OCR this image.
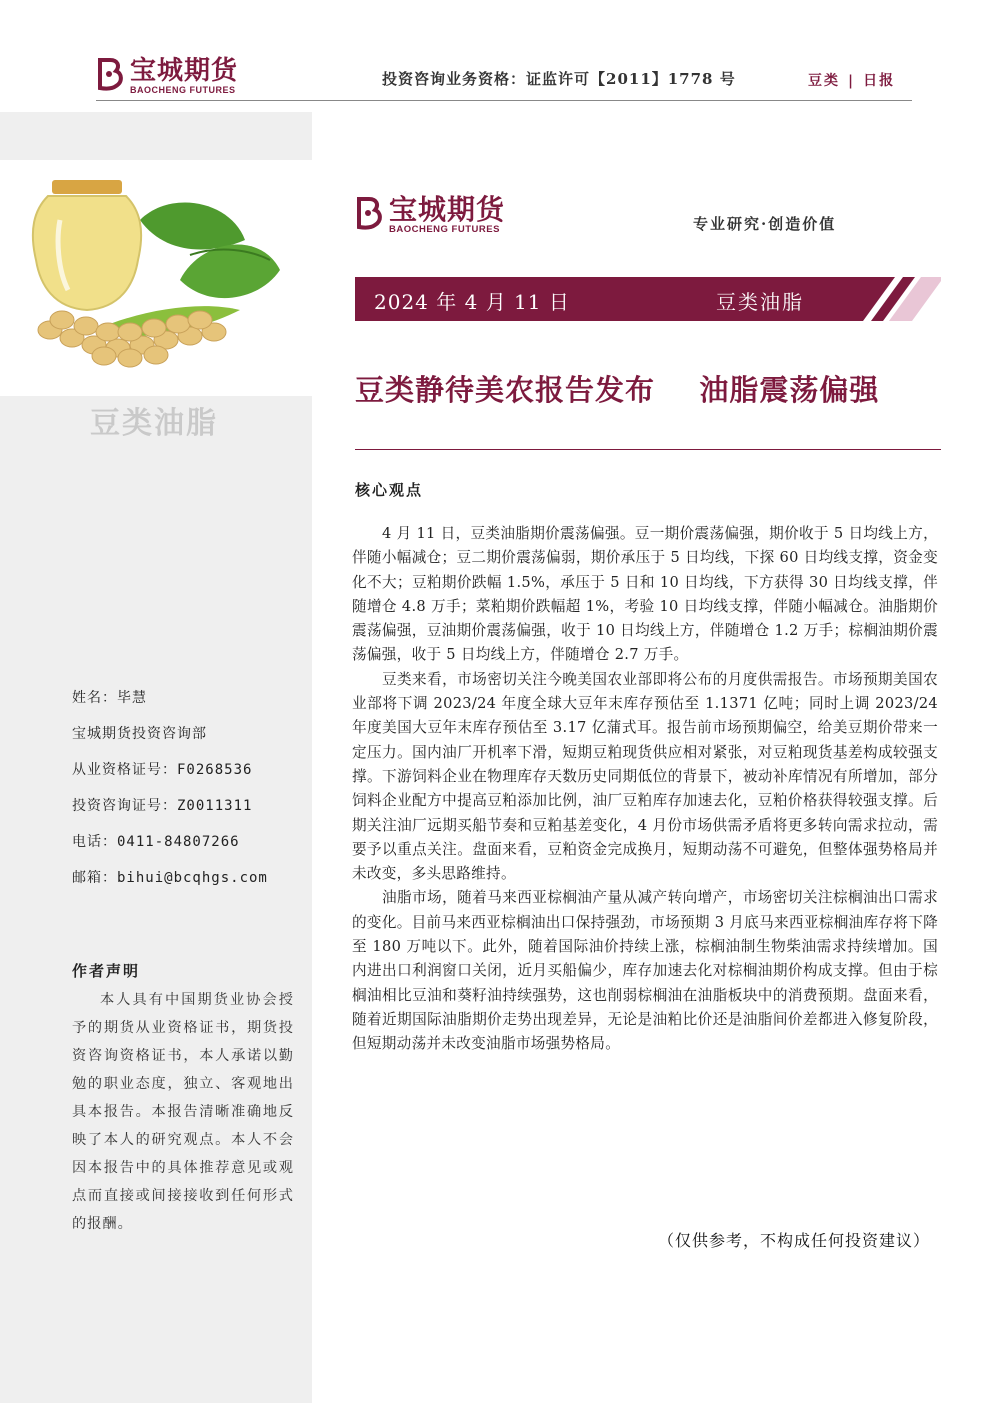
宝城期货
BAOCHENG FUTURES
投资咨询业务资格：证监许可【2011】1778 号	豆类 | 日报
豆类油脂
姓名：毕慧
宝城期货投资咨询部
从业资格证号：F0268536
投资咨询证号：Z0011311
电话：0411-84807266
邮箱：bihui@bcqhgs.com
作者声明
本人具有中国期货业协会授予的期货从业资格证书，期货投资咨询资格证书，本人承诺以勤勉的职业态度，独立、客观地出具本报告。本报告清晰准确地反映了本人的研究观点。本人不会因本报告中的具体推荐意见或观点而直接或间接接收到任何形式的报酬。
宝城期货
BAOCHENG FUTURES	专业研究·创造价值
2024 年 4 月 11 日	豆类油脂
豆类静待美农报告发布    油脂震荡偏强
核心观点

4 月 11 日，豆类油脂期价震荡偏强。豆一期价震荡偏强，期价收于 5 日均线上方，伴随小幅减仓；豆二期价震荡偏弱，期价承压于 5 日均线，下探 60 日均线支撑，资金变化不大；豆粕期价跌幅 1.5%，承压于 5 日和 10 日均线，下方获得 30 日均线支撑，伴随增仓 4.8 万手；菜粕期价跌幅超 1%，考验 10 日均线支撑，伴随小幅减仓。油脂期价震荡偏强，豆油期价震荡偏强，收于 10 日均线上方，伴随增仓 1.2 万手；棕榈油期价震荡偏强，收于 5 日均线上方，伴随增仓 2.7 万手。

豆类来看，市场密切关注今晚美国农业部即将公布的月度供需报告。市场预期美国农业部将下调 2023/24 年度全球大豆年末库存预估至 1.1371 亿吨；同时上调 2023/24 年度美国大豆年末库存预估至 3.17 亿蒲式耳。报告前市场预期偏空，给美豆期价带来一定压力。国内油厂开机率下滑，短期豆粕现货供应相对紧张，对豆粕现货基差构成较强支撑。下游饲料企业在物理库存天数历史同期低位的背景下，被动补库情况有所增加，部分饲料企业配方中提高豆粕添加比例，油厂豆粕库存加速去化，豆粕价格获得较强支撑。后期关注油厂远期买船节奏和豆粕基差变化，4 月份市场供需矛盾将更多转向需求拉动，需要予以重点关注。盘面来看，豆粕资金完成换月，短期动荡不可避免，但整体强势格局并未改变，多头思路维持。

油脂市场，随着马来西亚棕榈油产量从减产转向增产，市场密切关注棕榈油出口需求的变化。目前马来西亚棕榈油出口保持强劲，市场预期 3 月底马来西亚棕榈油库存将下降至 180 万吨以下。此外，随着国际油价持续上涨，棕榈油制生物柴油需求持续增加。国内进出口利润窗口关闭，近月买船偏少，库存加速去化对棕榈油期价构成支撑。但由于棕榈油相比豆油和葵籽油持续强势，这也削弱棕榈油在油脂板块中的消费预期。盘面来看，随着近期国际油脂期价走势出现差异，无论是油粕比价还是油脂间价差都进入修复阶段，但短期动荡并未改变油脂市场强势格局。

（仅供参考，不构成任何投资建议）
